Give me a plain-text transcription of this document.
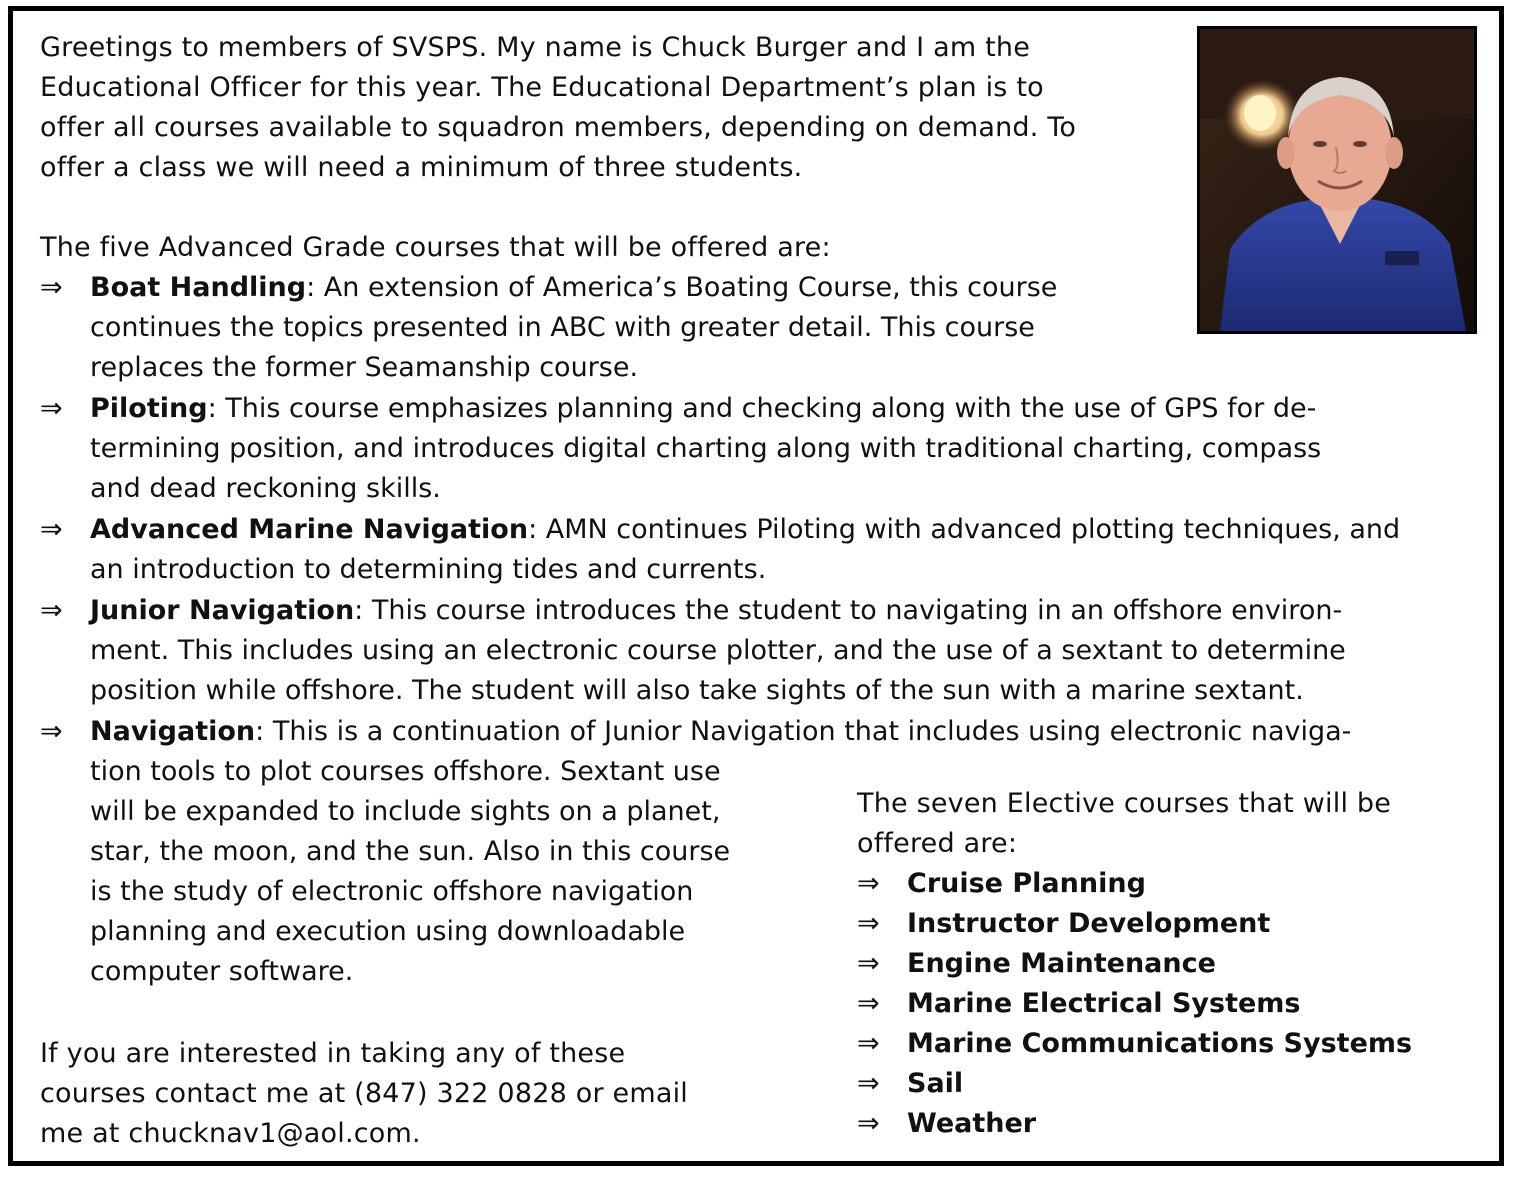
Greetings to members of SVSPS. My name is Chuck Burger and I am the

Educational Officer for this year. The Educational Department’s plan is to

offer all courses available to squadron members, depending on demand. To

offer a class we will need a minimum of three students.

The five Advanced Grade courses that will be offered are:
⇒ Boat Handling: An extension of America’s Boating Course, this course
continues the topics presented in ABC with greater detail. This course
replaces the former Seamanship course.
⇒ Piloting: This course emphasizes planning and checking along with the use of GPS for de-
termining position, and introduces digital charting along with traditional charting, compass
and dead reckoning skills.
⇒ Advanced Marine Navigation: AMN continues Piloting with advanced plotting techniques, and
an introduction to determining tides and currents.
⇒ Junior Navigation: This course introduces the student to navigating in an offshore environ-
ment. This includes using an electronic course plotter, and the use of a sextant to determine
position while offshore. The student will also take sights of the sun with a marine sextant.
⇒ Navigation: This is a continuation of Junior Navigation that includes using electronic naviga-
tion tools to plot courses offshore. Sextant use
will be expanded to include sights on a planet,
star, the moon, and the sun. Also in this course
is the study of electronic offshore navigation
planning and execution using downloadable
computer software.
The seven Elective courses that will be
offered are:
⇒ Cruise Planning
⇒ Instructor Development
⇒ Engine Maintenance
⇒ Marine Electrical Systems
⇒ Marine Communications Systems
⇒ Sail
⇒ Weather
If you are interested in taking any of these
courses contact me at (847) 322 0828 or email
me at chucknav1@aol.com.
